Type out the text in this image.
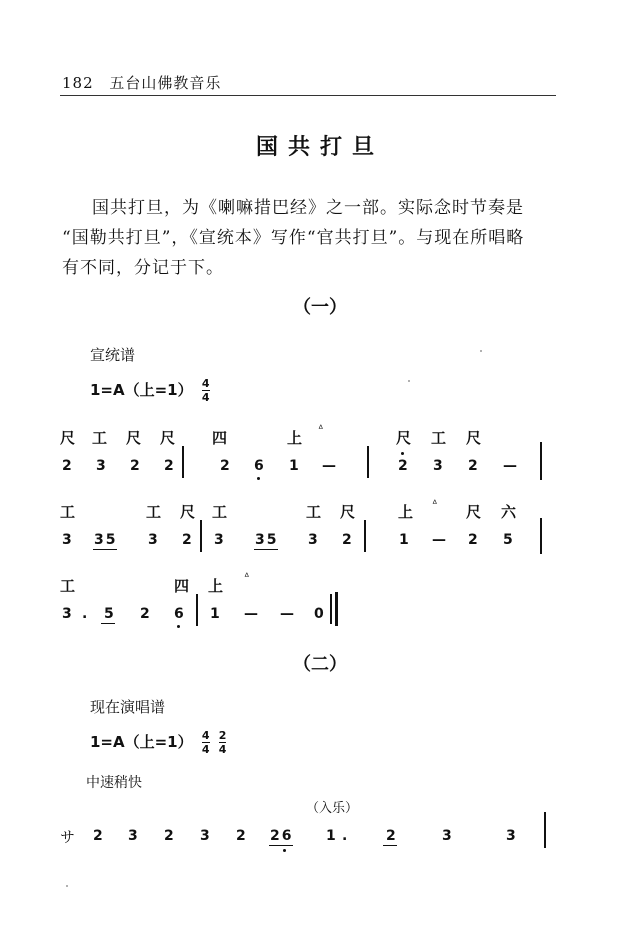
182 五台山佛教音乐
国共打旦
国共打旦，为《喇嘛措巴经》之一部。实际念时节奏是
“国勒共打旦”，《宣统本》写作“官共打旦”。与现在所唱略
有不同，分记于下。
（一）
宣统谱
1=A（上$=1) \frac{4}{4}$
尺 工 尺 尺 四	上 ᐞ	尺 工 尺
2 3 2 2	2 6 1 —	2 3 2 —
工	工 尺 工	工 尺	上 ᐞ 尺 六
3 35 3 2 3 35 3 2	1 — 2 5
工	四 上 ᐞ
3 . 5 2 6 1 — — 0
（二）
现在演唱谱
1=A（上$=1) \frac{4}{4}$
$\frac{2}{4}$
中速稍快
（入乐）
サ 2 3 2 3 2 26 1 .	2	3	3
